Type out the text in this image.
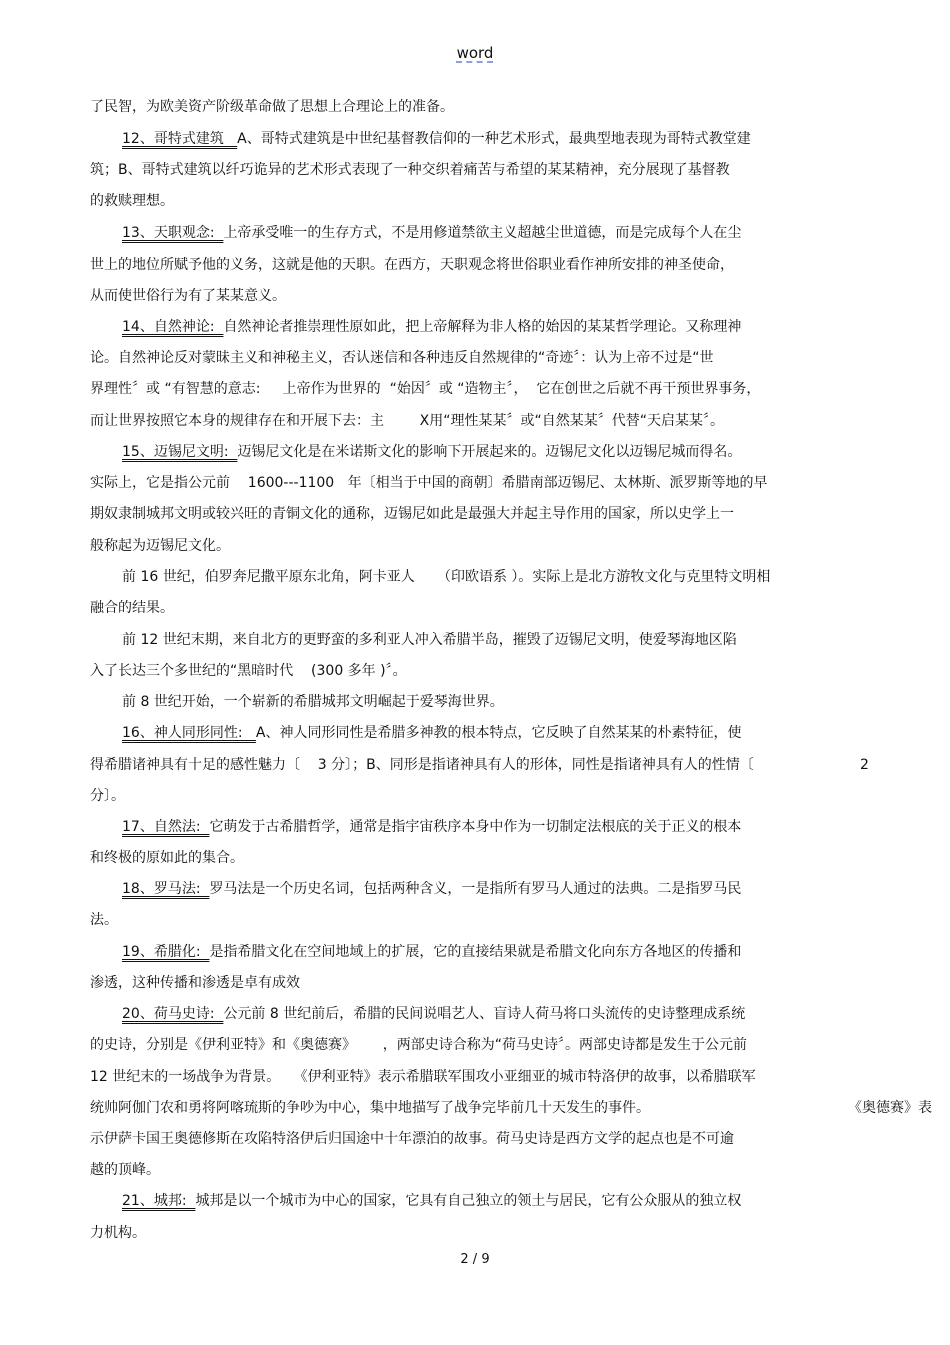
word
了民智，为欧美资产阶级革命做了思想上合理论上的准备。
12、哥特式建筑   A、哥特式建筑是中世纪基督教信仰的一种艺术形式，最典型地表现为哥特式教堂建
筑；B、哥特式建筑以纤巧诡异的艺术形式表现了一种交织着痛苦与希望的某某精神，充分展现了基督教
的救赎理想。
13、天职观念:  上帝承受唯一的生存方式，不是用修道禁欲主义超越尘世道德，而是完成每个人在尘
世上的地位所赋予他的义务，这就是他的天职。在西方，天职观念将世俗职业看作神所安排的神圣使命，
从而使世俗行为有了某某意义。
14、自然神论:  自然神论者推崇理性原如此，把上帝解释为非人格的始因的某某哲学理论。又称理神
论。自然神论反对蒙昧主义和神秘主义，否认迷信和各种违反自然规律的“奇迹〞：认为上帝不过是“世
界理性〞或 “有智慧的意志:     上帝作为世界的  “始因〞或 “造物主〞，  它在创世之后就不再干预世界事务，
而让世界按照它本身的规律存在和开展下去：主        X用“理性某某〞或“自然某某〞代替“天启某某〞。
15、迈锡尼文明:  迈锡尼文化是在米诺斯文化的影响下开展起来的。迈锡尼文化以迈锡尼城而得名。
实际上，它是指公元前    1600---1100   年〔相当于中国的商朝〕希腊南部迈锡尼、太林斯、派罗斯等地的早
期奴隶制城邦文明或较兴旺的青铜文化的通称，迈锡尼如此是最强大并起主导作用的国家，所以史学上一
般称起为迈锡尼文化。
前 16 世纪，伯罗奔尼撒平原东北角，阿卡亚人     （印欧语系 ）。实际上是北方游牧文化与克里特文明相
融合的结果。
前 12 世纪末期，来自北方的更野蛮的多利亚人冲入希腊半岛，摧毁了迈锡尼文明，使爱琴海地区陷
入了长达三个多世纪的“黑暗时代    (300 多年 )〞。
前 8 世纪开始，一个崭新的希腊城邦文明崛起于爱琴海世界。
16、神人同形同性:   A、神人同形同性是希腊多神教的根本特点，它反映了自然某某的朴素特征，使
得希腊诸神具有十足的感性魅力〔    3 分〕；B、同形是指诸神具有人的形体，同性是指诸神具有人的性情〔	2
分〕。
17、自然法:  它萌发于古希腊哲学，通常是指宇宙秩序本身中作为一切制定法根底的关于正义的根本
和终极的原如此的集合。
18、罗马法:  罗马法是一个历史名词，包括两种含义，一是指所有罗马人通过的法典。二是指罗马民
法。
19、希腊化:  是指希腊文化在空间地域上的扩展，它的直接结果就是希腊文化向东方各地区的传播和
渗透，这种传播和渗透是卓有成效
20、荷马史诗:  公元前 8 世纪前后，希腊的民间说唱艺人、盲诗人荷马将口头流传的史诗整理成系统
的史诗，分别是《伊利亚特》和《奥德赛》      ，两部史诗合称为“荷马史诗〞。两部史诗都是发生于公元前
12 世纪末的一场战争为背景。   《伊利亚特》表示希腊联军围攻小亚细亚的城市特洛伊的故事，以希腊联军
统帅阿伽门农和勇将阿喀琉斯的争吵为中心，集中地描写了战争完毕前几十天发生的事件。	《奥德赛》表
示伊萨卡国王奥德修斯在攻陷特洛伊后归国途中十年漂泊的故事。荷马史诗是西方文学的起点也是不可逾
越的顶峰。
21、城邦:  城邦是以一个城市为中心的国家，它具有自己独立的领土与居民，它有公众服从的独立权
力机构。
2 / 9
